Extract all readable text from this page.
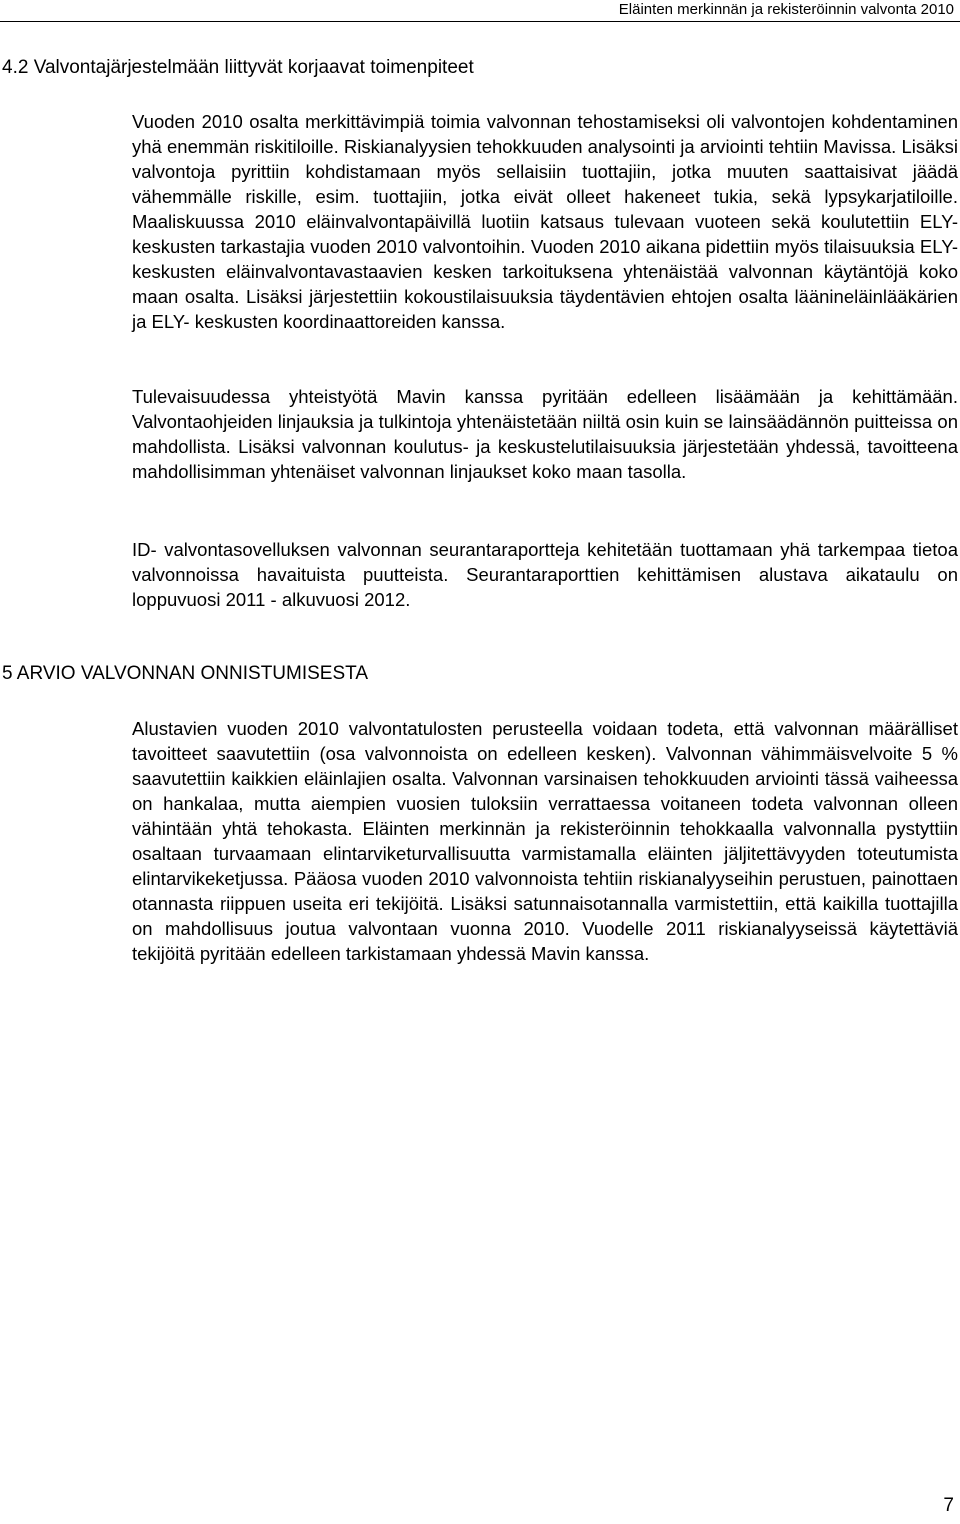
Eläinten merkinnän ja rekisteröinnin valvonta 2010
4.2 Valvontajärjestelmään liittyvät korjaavat toimenpiteet

Vuoden 2010 osalta merkittävimpiä toimia valvonnan tehostamiseksi oli valvontojen kohdentaminen yhä enemmän riskitiloille. Riskianalyysien tehokkuuden analysointi ja arviointi tehtiin Mavissa. Lisäksi valvontoja pyrittiin kohdistamaan myös sellaisiin tuottajiin, jotka muuten saattaisivat jäädä vähemmälle riskille, esim. tuottajiin, jotka eivät olleet hakeneet tukia, sekä lypsykarjatiloille. Maaliskuussa 2010 eläinvalvontapäivillä luotiin katsaus tulevaan vuoteen sekä koulutettiin ELY- keskusten tarkastajia vuoden 2010 valvontoihin. Vuoden 2010 aikana pidettiin myös tilaisuuksia ELY- keskusten eläinvalvontavastaavien kesken tarkoituksena yhtenäistää valvonnan käytäntöjä koko maan osalta. Lisäksi järjestettiin kokoustilaisuuksia täydentävien ehtojen osalta läänineläinlääkärien ja ELY- keskusten koordinaattoreiden kanssa.

Tulevaisuudessa yhteistyötä Mavin kanssa pyritään edelleen lisäämään ja kehittämään. Valvontaohjeiden linjauksia ja tulkintoja yhtenäistetään niiltä osin kuin se lainsäädännön puitteissa on mahdollista. Lisäksi valvonnan koulutus- ja keskustelutilaisuuksia järjestetään yhdessä, tavoitteena mahdollisimman yhtenäiset valvonnan linjaukset koko maan tasolla.

ID- valvontasovelluksen valvonnan seurantaraportteja kehitetään tuottamaan yhä tarkempaa tietoa valvonnoissa havaituista puutteista. Seurantaraporttien kehittämisen alustava aikataulu on loppuvuosi 2011 - alkuvuosi 2012.

5 ARVIO VALVONNAN ONNISTUMISESTA

Alustavien vuoden 2010 valvontatulosten perusteella voidaan todeta, että valvonnan määrälliset tavoitteet saavutettiin (osa valvonnoista on edelleen kesken). Valvonnan vähimmäisvelvoite 5 % saavutettiin kaikkien eläinlajien osalta. Valvonnan varsinaisen tehokkuuden arviointi tässä vaiheessa on hankalaa, mutta aiempien vuosien tuloksiin verrattaessa voitaneen todeta valvonnan olleen vähintään yhtä tehokasta. Eläinten merkinnän ja rekisteröinnin tehokkaalla valvonnalla pystyttiin osaltaan turvaamaan elintarviketurvallisuutta varmistamalla eläinten jäljitettävyyden toteutumista elintarvikeketjussa. Pääosa vuoden 2010 valvonnoista tehtiin riskianalyyseihin perustuen, painottaen otannasta riippuen useita eri tekijöitä. Lisäksi satunnaisotannalla varmistettiin, että kaikilla tuottajilla on mahdollisuus joutua valvontaan vuonna 2010. Vuodelle 2011 riskianalyyseissä käytettäviä tekijöitä pyritään edelleen tarkistamaan yhdessä Mavin kanssa.

7
